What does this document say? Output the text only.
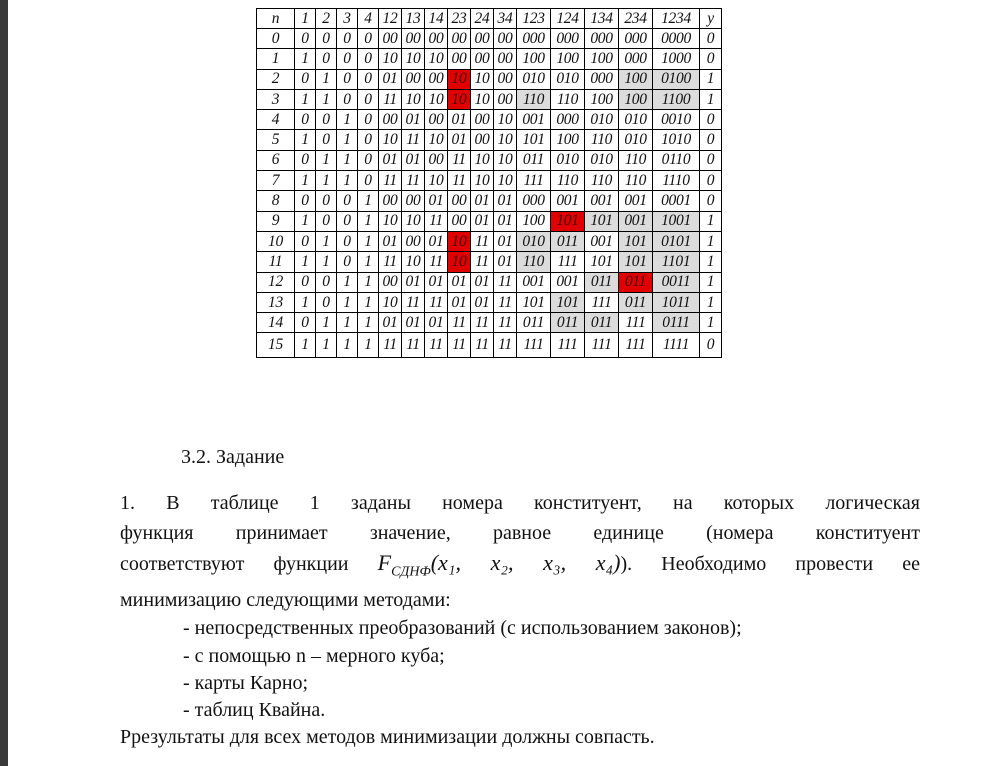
n	1	2	3	4	12	13	14	23	24	34	123	124	134	234	1234	y
0	0	0	0	0	00	00	00	00	00	00	000	000	000	000	0000	0
1	1	0	0	0	10	10	10	00	00	00	100	100	100	000	1000	0
2	0	1	0	0	01	00	00	10	10	00	010	010	000	100	0100	1
3	1	1	0	0	11	10	10	10	10	00	110	110	100	100	1100	1
4	0	0	1	0	00	01	00	01	00	10	001	000	010	010	0010	0
5	1	0	1	0	10	11	10	01	00	10	101	100	110	010	1010	0
6	0	1	1	0	01	01	00	11	10	10	011	010	010	110	0110	0
7	1	1	1	0	11	11	10	11	10	10	111	110	110	110	1110	0
8	0	0	0	1	00	00	01	00	01	01	000	001	001	001	0001	0
9	1	0	0	1	10	10	11	00	01	01	100	101	101	001	1001	1
10	0	1	0	1	01	00	01	10	11	01	010	011	001	101	0101	1
11	1	1	0	1	11	10	11	10	11	01	110	111	101	101	1101	1
12	0	0	1	1	00	01	01	01	01	11	001	001	011	011	0011	1
13	1	0	1	1	10	11	11	01	01	11	101	101	111	011	1011	1
14	0	1	1	1	01	01	01	11	11	11	011	011	011	111	0111	1
15	1	1	1	1	11	11	11	11	11	11	111	111	111	111	1111	0
3.2. Задание
1. В таблице 1 заданы номера конституент, на которых логическая
функция принимает значение, равное единице (номера конституент
соответствуют функции $F_{СДНФ}(x_1$, x₂, x₃, x₄)). Необходимо провести ее
минимизацию следующими методами:
- непосредственных преобразований (с использованием законов);
- с помощью n – мерного куба;
- карты Карно;
- таблиц Квайна.
Ррезультаты для всех методов минимизации должны совпасть.
